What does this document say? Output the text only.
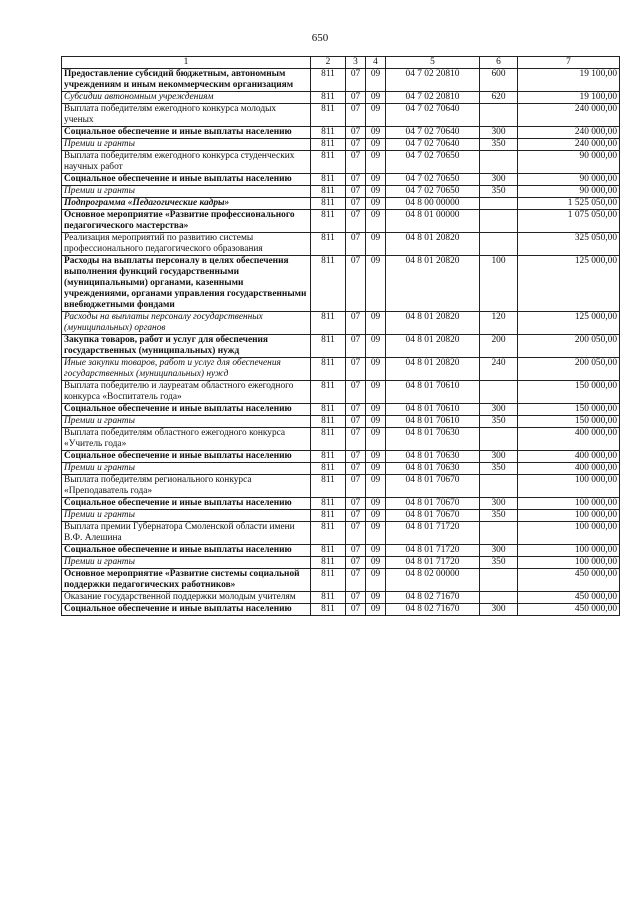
650
1	2	3	4	5	6	7
Предоставление субсидий бюджетным, автономным учреждениям и иным некоммерческим организациям	811	07	09	04 7 02 20810	600	19 100,00
Субсидии автономным учреждениям	811	07	09	04 7 02 20810	620	19 100,00
Выплата победителям ежегодного конкурса молодых ученых	811	07	09	04 7 02 70640		240 000,00
Социальное обеспечение и иные выплаты населению	811	07	09	04 7 02 70640	300	240 000,00
Премии и гранты	811	07	09	04 7 02 70640	350	240 000,00
Выплата победителям ежегодного конкурса студенческих научных работ	811	07	09	04 7 02 70650		90 000,00
Социальное обеспечение и иные выплаты населению	811	07	09	04 7 02 70650	300	90 000,00
Премии и гранты	811	07	09	04 7 02 70650	350	90 000,00
Подпрограмма «Педагогические кадры»	811	07	09	04 8 00 00000		1 525 050,00
Основное мероприятие «Развитие профессионального педагогического мастерства»	811	07	09	04 8 01 00000		1 075 050,00
Реализация мероприятий по развитию системы профессионального педагогического образования	811	07	09	04 8 01 20820		325 050,00
Расходы на выплаты персоналу в целях обеспечения выполнения функций государственными (муниципальными) органами, казенными учреждениями, органами управления государственными внебюджетными фондами	811	07	09	04 8 01 20820	100	125 000,00
Расходы на выплаты персоналу государственных (муниципальных) органов	811	07	09	04 8 01 20820	120	125 000,00
Закупка товаров, работ и услуг для обеспечения государственных (муниципальных) нужд	811	07	09	04 8 01 20820	200	200 050,00
Иные закупки товаров, работ и услуг для обеспечения государственных (муниципальных) нужд	811	07	09	04 8 01 20820	240	200 050,00
Выплата победителю и лауреатам областного ежегодного конкурса «Воспитатель года»	811	07	09	04 8 01 70610		150 000,00
Социальное обеспечение и иные выплаты населению	811	07	09	04 8 01 70610	300	150 000,00
Премии и гранты	811	07	09	04 8 01 70610	350	150 000,00
Выплата победителям областного ежегодного конкурса «Учитель года»	811	07	09	04 8 01 70630		400 000,00
Социальное обеспечение и иные выплаты населению	811	07	09	04 8 01 70630	300	400 000,00
Премии и гранты	811	07	09	04 8 01 70630	350	400 000,00
Выплата победителям регионального конкурса «Преподаватель года»	811	07	09	04 8 01 70670		100 000,00
Социальное обеспечение и иные выплаты населению	811	07	09	04 8 01 70670	300	100 000,00
Премии и гранты	811	07	09	04 8 01 70670	350	100 000,00
Выплата премии Губернатора Смоленской области имени В.Ф. Алешина	811	07	09	04 8 01 71720		100 000,00
Социальное обеспечение и иные выплаты населению	811	07	09	04 8 01 71720	300	100 000,00
Премии и гранты	811	07	09	04 8 01 71720	350	100 000,00
Основное мероприятие «Развитие системы социальной поддержки педагогических работников»	811	07	09	04 8 02 00000		450 000,00
Оказание государственной поддержки молодым учителям	811	07	09	04 8 02 71670		450 000,00
Социальное обеспечение и иные выплаты населению	811	07	09	04 8 02 71670	300	450 000,00
